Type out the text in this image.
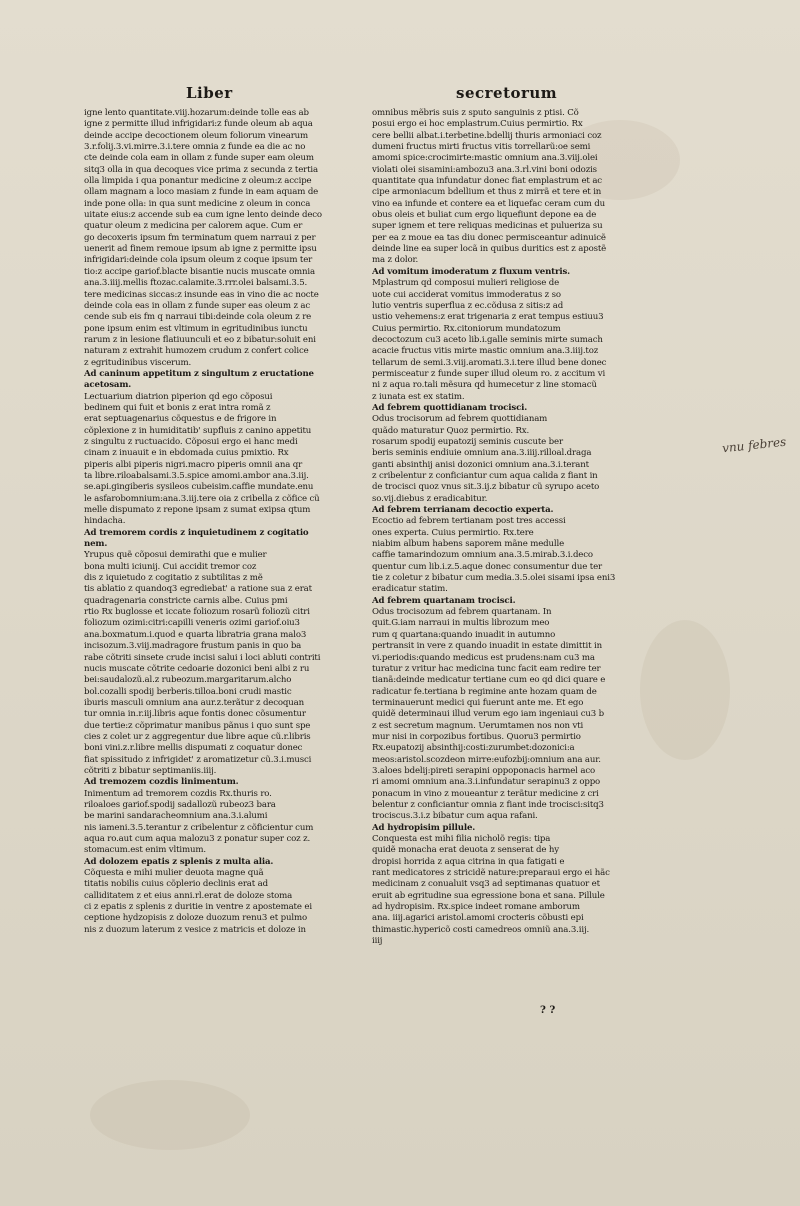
Liber	secretorum
igne lento quantitate.viij.hozarum:deinde tolle eas ab
igne z permitte illud infrigidari:z funde oleum ab aqua
deinde accipe decoctionem oleum foliorum vinearum
3.r.folij.3.vi.mirre.3.i.tere omnia z funde ea die ac no
cte deinde cola eam in ollam z funde super eam oleum
sitq3 olla in qua decoques vice prima z secunda z tertia
olla limpida i qua ponantur medicine z oleum:z accipe
ollam magnam a loco masiam z funde in eam aquam de
inde pone olla: in qua sunt medicine z oleum in conca
uitate eius:z accende sub ea cum igne lento deinde deco
quatur oleum z medicina per calorem aque. Cum er
go decoxeris ipsum fm terminatum quem narraui z per
uenerit ad finem remoue ipsum ab igne z permitte ipsu
infrigidari:deinde cola ipsum oleum z coque ipsum ter
tio:z accipe gariof.blacte bisantie nucis muscate omnia
ana.3.iiij.mellis ftozac.calamite.3.rrr.olei balsami.3.5.
tere medicinas siccas:z insunde eas in vino die ac nocte
deinde cola eas in ollam z funde super eas oleum z ac
cende sub eis fm q narraui tibi:deinde cola oleum z re
pone ipsum enim est vltimum in egritudinibus iunctu
rarum z in lesione flatiuunculi et eo z bibatur:soluit eni
naturam z extrahit humozem crudum z confert colice
z egritudinibus viscerum.
Ad caninum appetitum z singultum z eructatione
acetosam.
Lectuarium diatrion piperion qd ego cõposui
bedinem qui fuit et bonis z erat intra romã z
erat septuagenarius cõquestus e de frigore in
cõplexione z in humiditatib' supfluis z canino appetitu
z singultu z ructuacido. Cõposui ergo ei hanc medi
cinam z inuauit e in ebdomada cuius pmixtio. Rx
piperis albi piperis nigri.macro piperis omnii ana qr
ta libre.riloabalsami.3.5.spice amomi.ambor ana.3.iij.
se.api.gingiberis sysileos cubeisim.caffie mundate.enu
le asfarobomnium:ana.3.iij.tere oia z cribella z cõfice cũ
melle dispumato z repone ipsam z sumat exipsa qtum
hindacha.
Ad tremorem cordis z inquietudinem z cogitatio
nem.
Yrupus quẽ cõposui demirathi que e mulier
bona multi iciunij. Cui accidit tremor coz
dis z iquietudo z cogitatio z subtilitas z mẽ
tis ablatio z quandoq3 egrediebat' a ratione sua z erat
quadragenaria constricte carnis albe. Cuius pmi
rtio Rx buglosse et iccate foliozum rosarũ foliozũ citri
foliozum ozimi:citri:capilli veneris ozimi gariof.oiu3
ana.boxmatum.i.quod e quarta libratria grana malo3
incisozum.3.viij.madragore frustum panis in quo ba
rabe cõtriti sinsete crude incisi salui i loci abluti contriti
nucis muscate cõtrite cedoarie dozonici beni albi z ru
bei:saudalozũ.al.z rubeozum.margaritarum.alcho
bol.cozalli spodij berberis.tilloa.boni crudi mastic
iburis masculi omnium ana aur.z.terãtur z decoquan
tur omnia in.r.iij.libris aque fontis donec cõsumentur
due tertie:z cõprimatur manibus pãnus i quo sunt spe
cies z colet ur z aggregentur due libre aque cũ.r.libris
boni vini.z.r.libre mellis dispumati z coquatur donec
fiat spissitudo z infrigidet' z aromatizetur cũ.3.i.musci
cõtriti z bibatur septimaniis.iiij.
Ad tremozem cozdis linimentum.
Inimentum ad tremorem cozdis Rx.thuris ro.
riloaloes gariof.spodij sadallozũ rubeoz3 bara
be marini sandaracheomnium ana.3.i.alumi
nis iameni.3.5.terantur z cribelentur z cõficientur cum
aqua ro.aut cum aqua malozu3 z ponatur super coz z.
stomacum.est enim vltimum.
Ad dolozem epatis z splenis z multa alia.
Cõquesta e mihi mulier deuota magne quã
titatis nobilis cuius cõplerio declinis erat ad
calliditatem z et eius anni.rl.erat de doloze stoma
ci z epatis z splenis z duritie in ventre z apostemate ei
ceptione hydzopisis z doloze duozum renu3 et pulmo
nis z duozum laterum z vesice z matricis et doloze in
omnibus mẽbris suis z sputo sanguinis z ptisi. Cõ
posui ergo ei hoc emplastrum.Cuius permirtio. Rx
cere bellii albat.i.terbetine.bdellij thuris armoniaci coz
dumeni fructus mirti fructus vitis torrellarũ:oe semi
amomi spice:crocimirte:mastic omnium ana.3.viij.olei
violati olei sisamini:ambozu3 ana.3.rl.vini boni odozis
quantitate qua infundatur donec fiat emplastrum et ac
cipe armoniacum bdellium et thus z mirrã et tere et in
vino ea infunde et contere ea et liquefac ceram cum du
obus oleis et buliat cum ergo liquefiunt depone ea de
super ignem et tere reliquas medicinas et pulueriza su
per ea z moue ea tas diu donec permisceantur adinuicẽ
deinde line ea super locã in quibus duritics est z apostẽ
ma z dolor.
Ad vomitum imoderatum z fluxum ventris.
Mplastrum qd composui mulieri religiose de
uote cui acciderat vomitus immoderatus z so
lutio ventris superflua z ec.cõdusa z sitis:z ad
ustio vehemens:z erat trigenaria z erat tempus estiuu3
Cuius permirtio. Rx.citoniorum mundatozum
decoctozum cu3 aceto lib.i.galle seminis mirte sumach
acacie fructus vitis mirte mastic omnium ana.3.iiij.toz
tellarum de semi.3.viij.aromati.3.i.tere illud bene donec
permisceatur z funde super illud oleum ro. z accitum vi
ni z aqua ro.tali mẽsura qd humecetur z line stomacũ
z iunata est ex statim.
Ad febrem quottidianam trocisci.
Odus trocisorum ad febrem quottidianam
quãdo maturatur Quoz permirtio. Rx.
rosarum spodij eupatozij seminis cuscute ber
beris seminis endiuie omnium ana.3.iiij.rilloal.draga
ganti absinthij anisi dozonici omnium ana.3.i.terant
z cribelentur z conficiantur cum aqua calida z fiant in
de trocisci quoz vnus sit.3.ij.z bibatur cũ syrupo aceto
so.vij.diebus z eradicabitur.
Ad febrem terrianam decoctio experta.
Ecoctio ad febrem tertianam post tres accessi
ones experta. Cuius permirtio. Rx.tere
niabim album habens saporem mãne medulle
caffie tamarindozum omnium ana.3.5.mirab.3.i.deco
quentur cum lib.i.z.5.aque donec consumentur due ter
tie z coletur z bibatur cum media.3.5.olei sisami ipsa eni3
eradicatur statim.
Ad febrem quartanam trocisci.
Odus trocisozum ad febrem quartanam. In
quit.G.iam narraui in multis librozum meo
rum q quartana:quando inuadit in autumno
pertransit in vere z quando inuadit in estate dimittit in
vi.periodis:quando medicus est prudens:nam cu3 ma
turatur z vritur hac medicina tunc facit eam redire ter
tianã:deinde medicatur tertiane cum eo qd dici quare e
radicatur fe.tertiana b regimine ante hozam quam de
terminauerunt medici qui fuerunt ante me. Et ego
quidẽ determinaui illud verum ego iam ingeniaui cu3 b
z est secretum magnum. Uerumtamen nos non vti
mur nisi in corpozibus fortibus. Quoru3 permirtio
Rx.eupatozij absinthij:costi:zurumbet:dozonici:a
meos:aristol.scozdeon mirre:eufozbij:omnium ana aur.
3.aloes bdelij:pireti serapini oppoponacis harmel aco
ri amomi omnium ana.3.i.infundatur serapinu3 z oppo
ponacum in vino z moueantur z terãtur medicine z cri
belentur z conficiantur omnia z fiant inde trocisci:sitq3
trociscus.3.i.z bibatur cum aqua rafani.
Ad hydropisim pillule.
Conquesta est mihi filia nicholõ regis: tipa
quidẽ monacha erat deuota z senserat de hy
dropisi horrida z aqua citrina in qua fatigati e
rant medicatores z stricidẽ nature:preparaui ergo ei hãc
medicinam z conualuit vsq3 ad septimanas quatuor et
eruit ab egritudine sua egressione bona et sana. Pillule
ad hydropisim. Rx.spice indeet romane amborum
ana. iiij.agarici aristol.amomi crocteris cõbusti epi
thimastic.hypericõ costi camedreos omniũ ana.3.iij.
iiij
vnu febres
? ?
